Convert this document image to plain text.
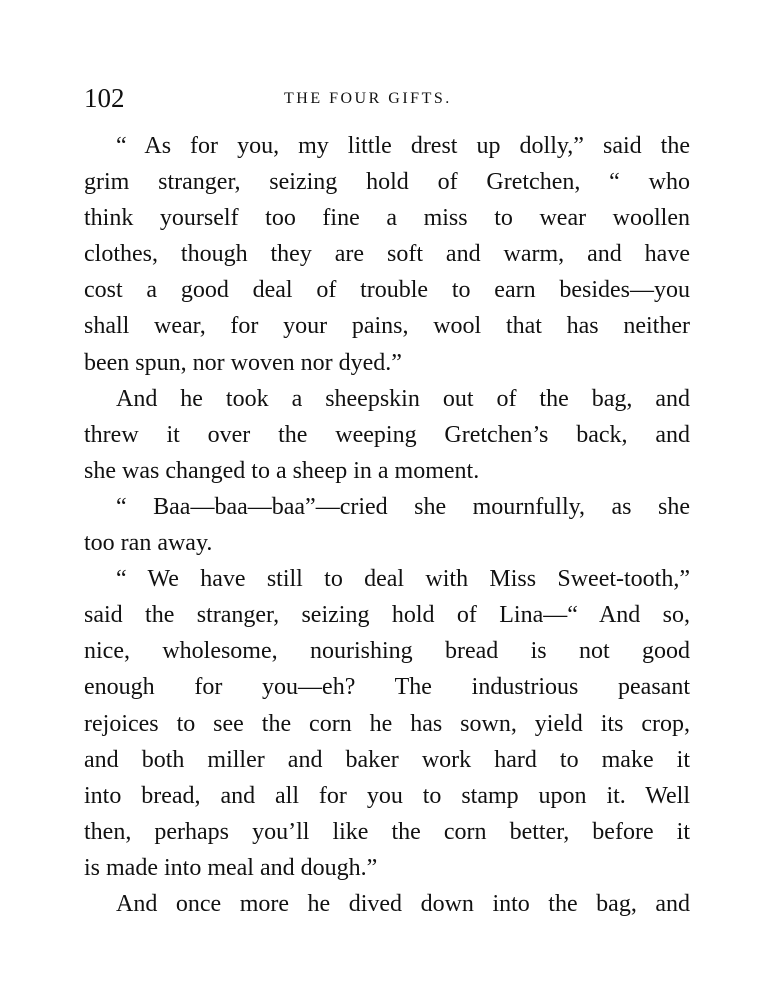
102	THE FOUR GIFTS.
“ As for you, my little drest up dolly,” said the
grim stranger, seizing hold of Gretchen, “ who
think yourself too fine a miss to wear woollen
clothes, though they are soft and warm, and have
cost a good deal of trouble to earn besides—you
shall wear, for your pains, wool that has neither
been spun, nor woven nor dyed.”
And he took a sheepskin out of the bag, and
threw it over the weeping Gretchen’s back, and
she was changed to a sheep in a moment.
“ Baa—baa—baa”—cried she mournfully, as she
too ran away.
“ We have still to deal with Miss Sweet-tooth,”
said the stranger, seizing hold of Lina—“ And so,
nice, wholesome, nourishing bread is not good
enough for you—eh? The industrious peasant
rejoices to see the corn he has sown, yield its crop,
and both miller and baker work hard to make it
into bread, and all for you to stamp upon it. Well
then, perhaps you’ll like the corn better, before it
is made into meal and dough.”
And once more he dived down into the bag, and
